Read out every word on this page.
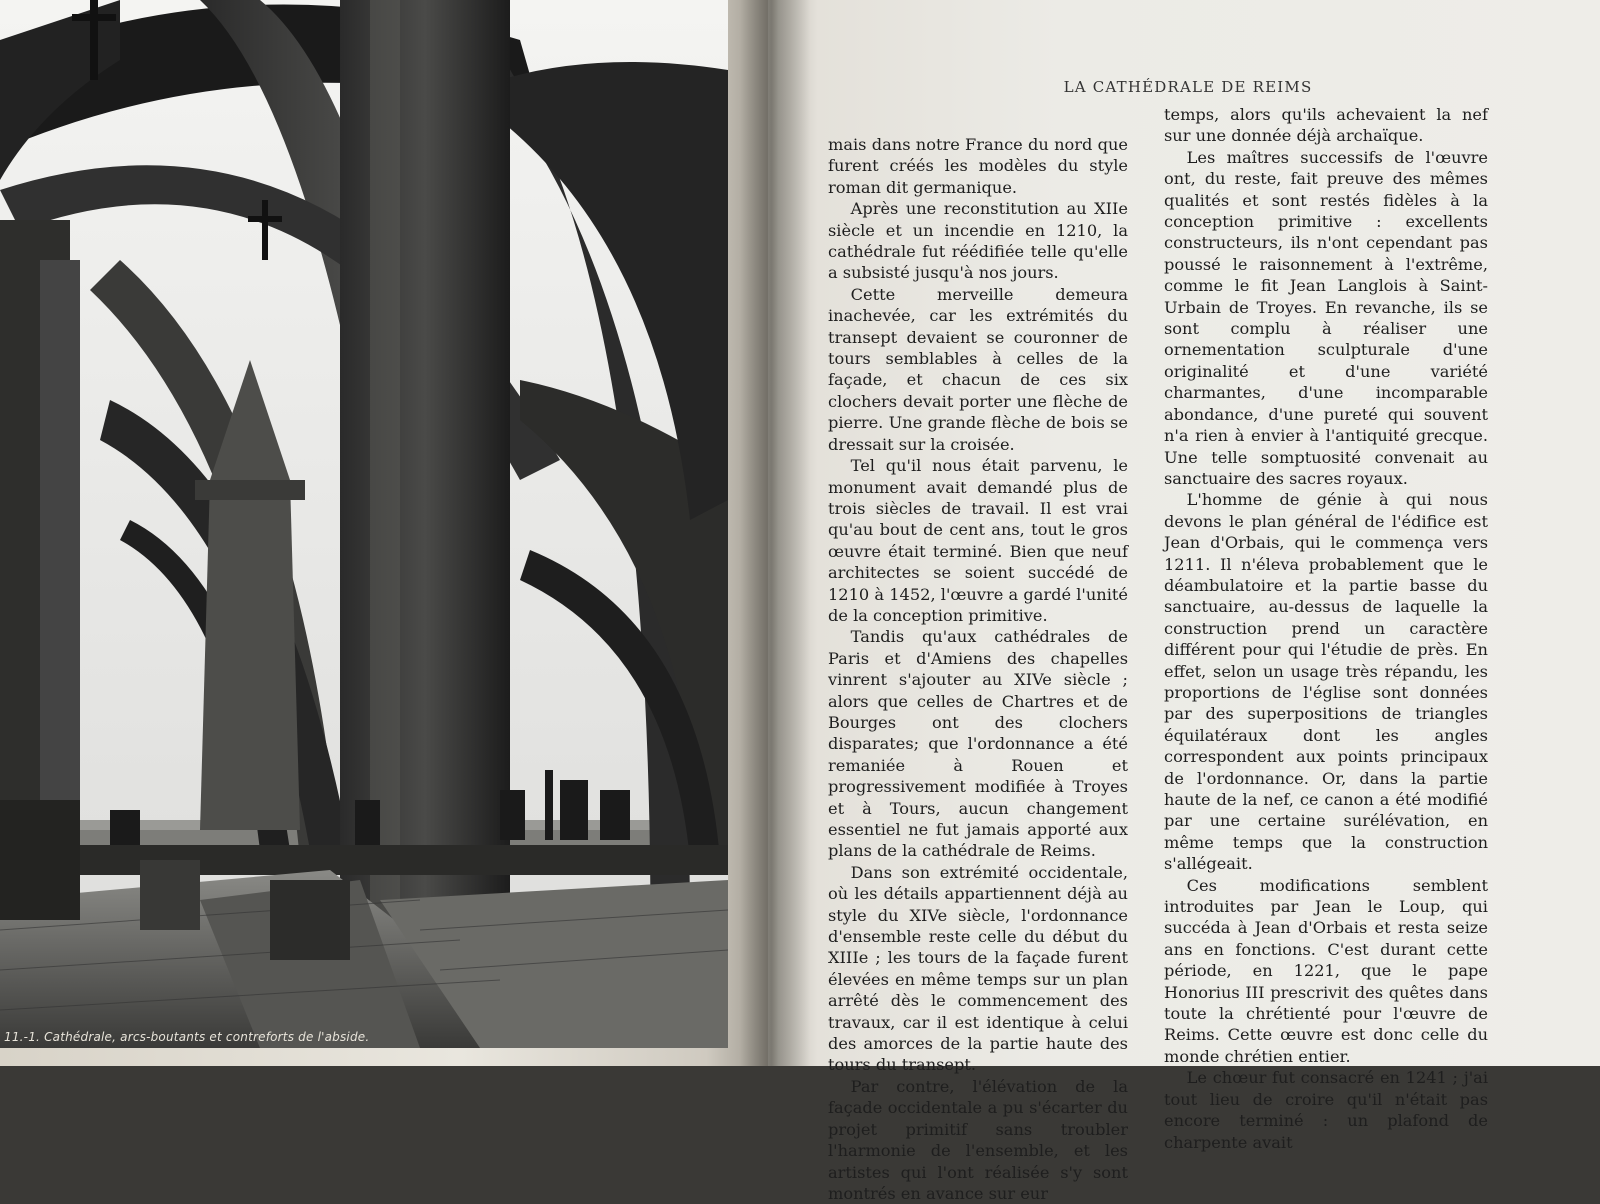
11.-1. Cathédrale, arcs-boutants et contreforts de l'abside.
LA CATHÉDRALE DE REIMS

mais dans notre France du nord que furent créés les modèles du style roman dit germanique.

Après une reconstitution au XIIe siècle et un incendie en 1210, la cathédrale fut réédifiée telle qu'elle a subsisté jusqu'à nos jours.

Cette merveille demeura inachevée, car les extrémités du transept devaient se couronner de tours semblables à celles de la façade, et chacun de ces six clochers devait porter une flèche de pierre. Une grande flèche de bois se dressait sur la croisée.

Tel qu'il nous était parvenu, le monument avait demandé plus de trois siècles de travail. Il est vrai qu'au bout de cent ans, tout le gros œuvre était terminé. Bien que neuf architectes se soient succédé de 1210 à 1452, l'œuvre a gardé l'unité de la conception primitive.

Tandis qu'aux cathédrales de Paris et d'Amiens des chapelles vinrent s'ajouter au XIVe siècle ; alors que celles de Chartres et de Bourges ont des clochers disparates; que l'ordonnance a été remaniée à Rouen et progressivement modifiée à Troyes et à Tours, aucun changement essentiel ne fut jamais apporté aux plans de la cathédrale de Reims.

Dans son extrémité occidentale, où les détails appartiennent déjà au style du XIVe siècle, l'ordonnance d'ensemble reste celle du début du XIIIe ; les tours de la façade furent élevées en même temps sur un plan arrêté dès le commencement des travaux, car il est identique à celui des amorces de la partie haute des tours du transept.

Par contre, l'élévation de la façade occidentale a pu s'écarter du projet primitif sans troubler l'harmonie de l'ensemble, et les artistes qui l'ont réalisée s'y sont montrés en avance sur eur

temps, alors qu'ils achevaient la nef sur une donnée déjà archaïque.

Les maîtres successifs de l'œuvre ont, du reste, fait preuve des mêmes qualités et sont restés fidèles à la conception primitive : excellents constructeurs, ils n'ont cependant pas poussé le raisonnement à l'extrême, comme le fit Jean Langlois à Saint-Urbain de Troyes. En revanche, ils se sont complu à réaliser une ornementation sculpturale d'une originalité et d'une variété charmantes, d'une incomparable abondance, d'une pureté qui souvent n'a rien à envier à l'antiquité grecque. Une telle somptuosité convenait au sanctuaire des sacres royaux.

L'homme de génie à qui nous devons le plan général de l'édifice est Jean d'Orbais, qui le commença vers 1211. Il n'éleva probablement que le déambulatoire et la partie basse du sanctuaire, au-dessus de laquelle la construction prend un caractère différent pour qui l'étudie de près. En effet, selon un usage très répandu, les proportions de l'église sont données par des superpositions de triangles équilatéraux dont les angles correspondent aux points principaux de l'ordonnance. Or, dans la partie haute de la nef, ce canon a été modifié par une certaine surélévation, en même temps que la construction s'allégeait.

Ces modifications semblent introduites par Jean le Loup, qui succéda à Jean d'Orbais et resta seize ans en fonctions. C'est durant cette période, en 1221, que le pape Honorius III prescrivit des quêtes dans toute la chrétienté pour l'œuvre de Reims. Cette œuvre est donc celle du monde chrétien entier.

Le chœur fut consacré en 1241 ; j'ai tout lieu de croire qu'il n'était pas encore terminé : un plafond de charpente avait
